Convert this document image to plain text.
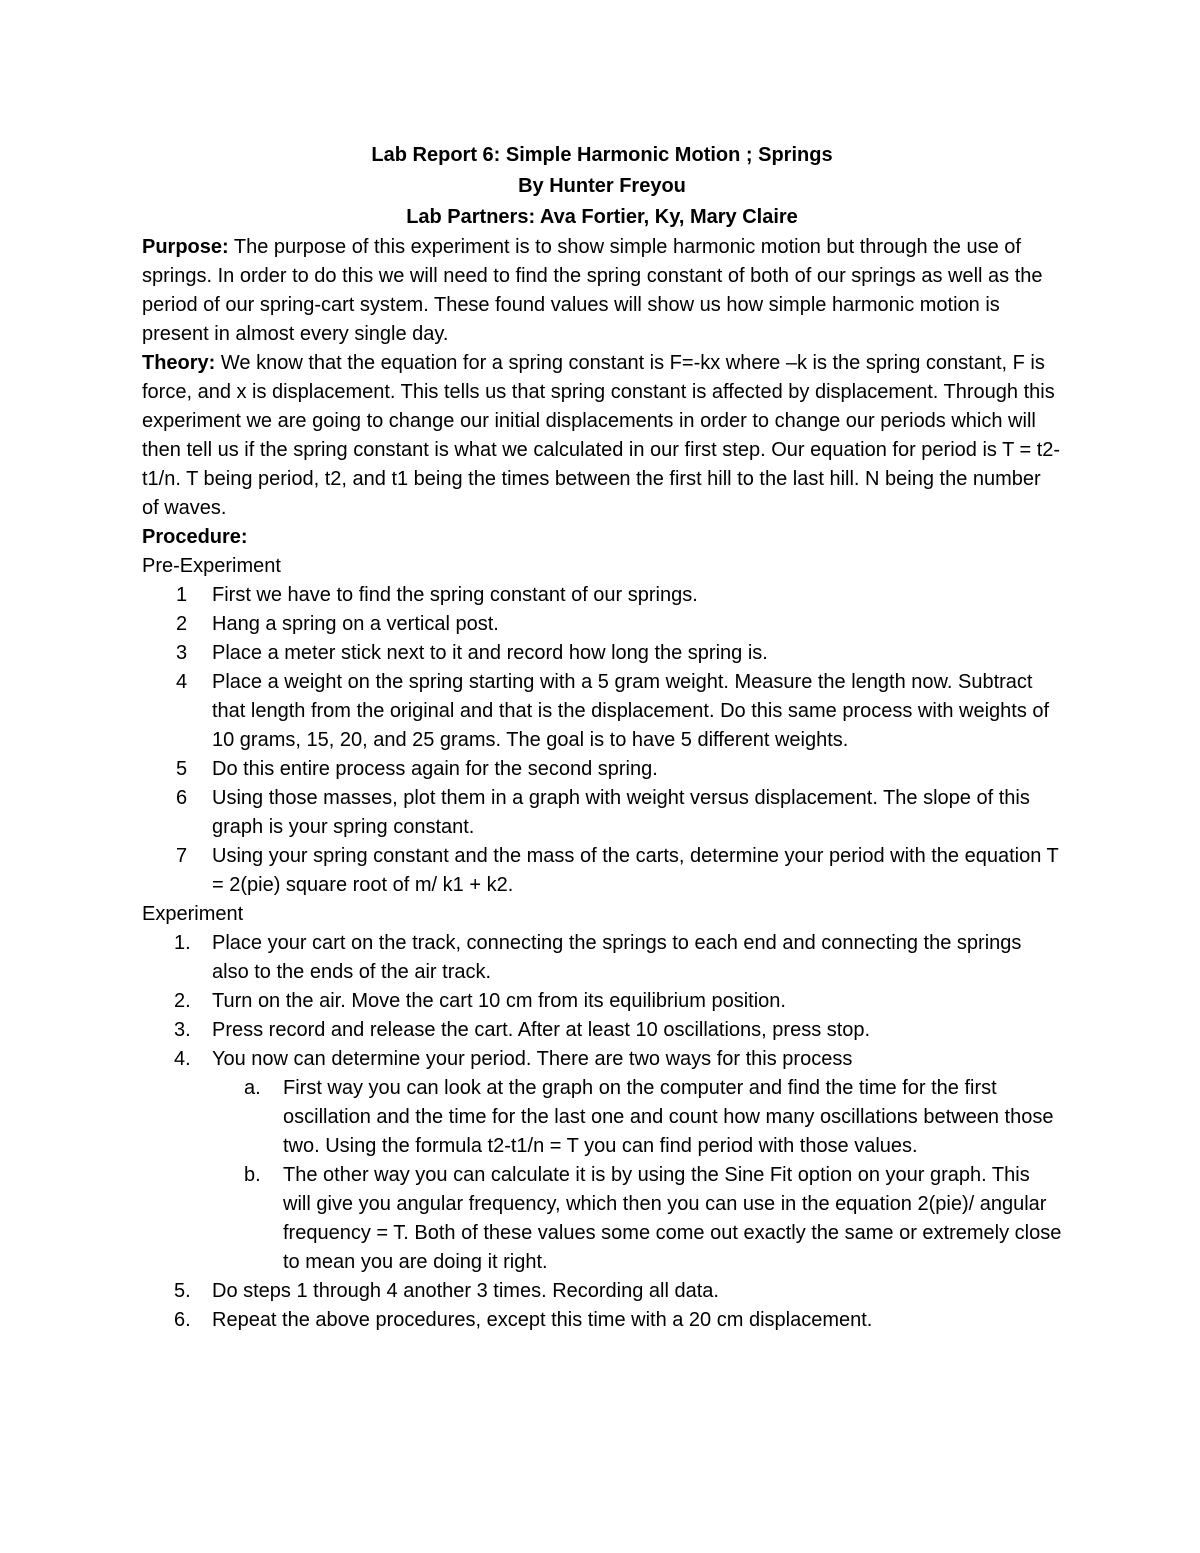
Lab Report 6: Simple Harmonic Motion ; Springs
By Hunter Freyou
Lab Partners: Ava Fortier, Ky, Mary Claire

Purpose: The purpose of this experiment is to show simple harmonic motion but through the use of springs. In order to do this we will need to find the spring constant of both of our springs as well as the period of our spring-cart system. These found values will show us how simple harmonic motion is present in almost every single day.

Theory: We know that the equation for a spring constant is F=-kx where –k is the spring constant, F is force, and x is displacement. This tells us that spring constant is affected by displacement. Through this experiment we are going to change our initial displacements in order to change our periods which will then tell us if the spring constant is what we calculated in our first step. Our equation for period is T = t2-t1/n. T being period, t2, and t1 being the times between the first hill to the last hill. N being the number of waves.

Procedure:
Pre-Experiment
1 First we have to find the spring constant of our springs.
2 Hang a spring on a vertical post.
3 Place a meter stick next to it and record how long the spring is.
4 Place a weight on the spring starting with a 5 gram weight. Measure the length now. Subtract that length from the original and that is the displacement. Do this same process with weights of 10 grams, 15, 20, and 25 grams. The goal is to have 5 different weights.
5 Do this entire process again for the second spring.
6 Using those masses, plot them in a graph with weight versus displacement. The slope of this graph is your spring constant.
7 Using your spring constant and the mass of the carts, determine your period with the equation T = 2(pie) square root of m/ k1 + k2.
Experiment
1. Place your cart on the track, connecting the springs to each end and connecting the springs also to the ends of the air track.
2. Turn on the air. Move the cart 10 cm from its equilibrium position.
3. Press record and release the cart. After at least 10 oscillations, press stop.
4. You now can determine your period. There are two ways for this process
a. First way you can look at the graph on the computer and find the time for the first oscillation and the time for the last one and count how many oscillations between those two. Using the formula t2-t1/n = T you can find period with those values.
b. The other way you can calculate it is by using the Sine Fit option on your graph. This will give you angular frequency, which then you can use in the equation 2(pie)/ angular frequency = T. Both of these values some come out exactly the same or extremely close to mean you are doing it right.
5. Do steps 1 through 4 another 3 times. Recording all data.
6. Repeat the above procedures, except this time with a 20 cm displacement.
